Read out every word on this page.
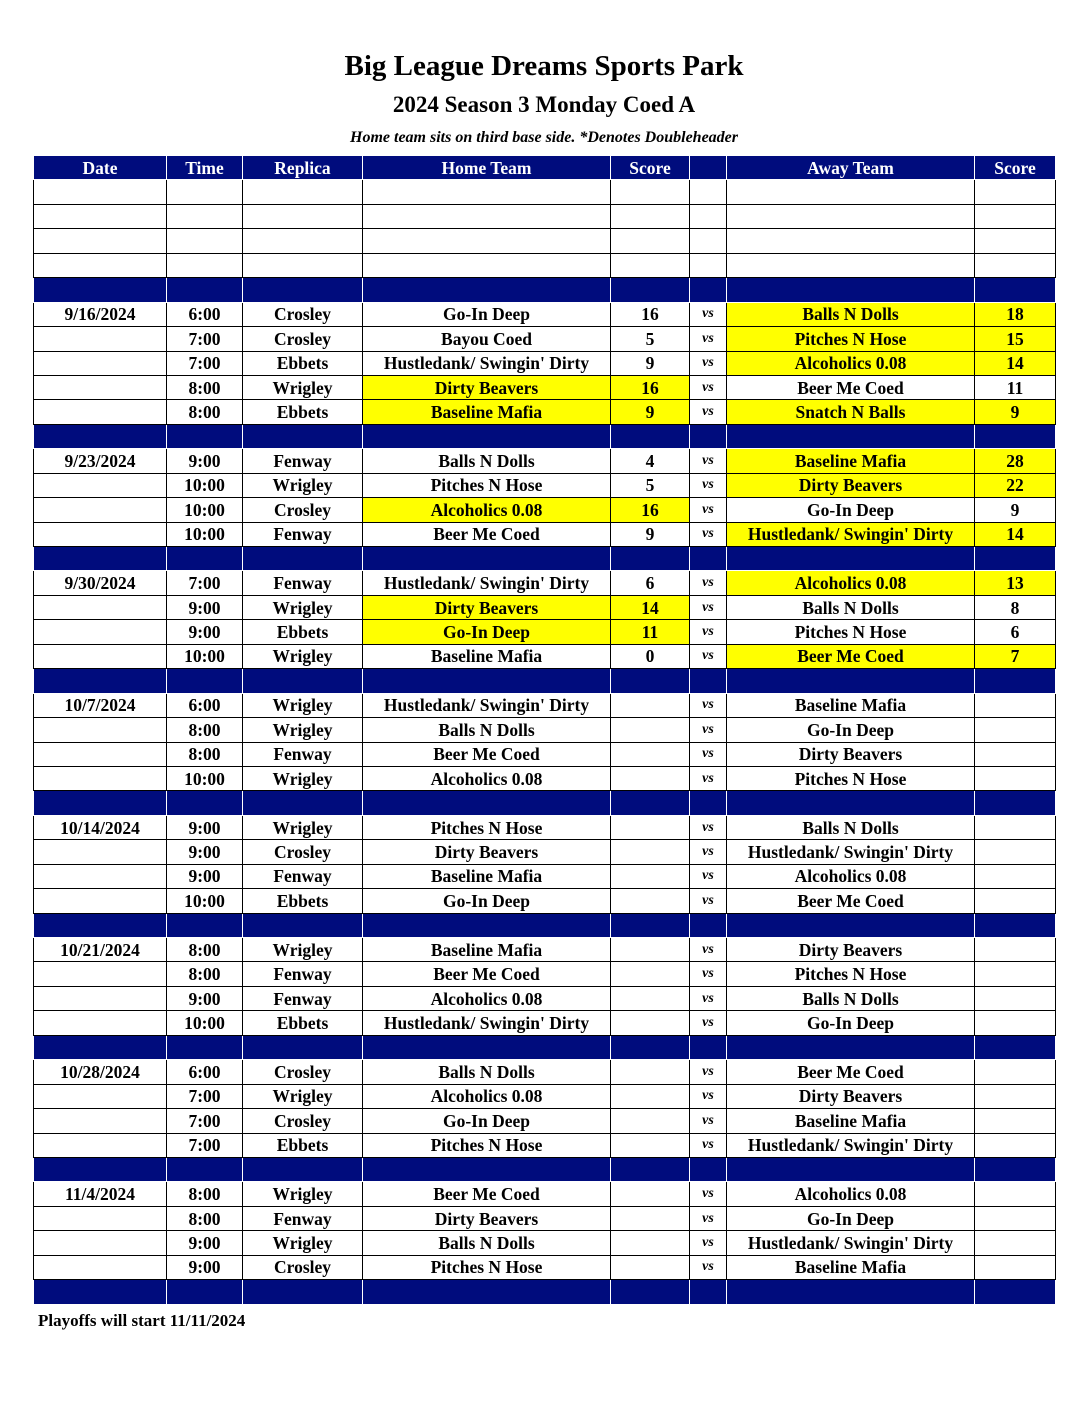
Big League Dreams Sports Park
2024 Season 3 Monday Coed A
Home team sits on third base side. *Denotes Doubleheader
Date	Time	Replica	Home Team	Score		Away Team	Score

9/16/2024	6:00	Crosley	Go-In Deep	16	vs	Balls N Dolls	18
	7:00	Crosley	Bayou Coed	5	vs	Pitches N Hose	15
	7:00	Ebbets	Hustledank/ Swingin' Dirty	9	vs	Alcoholics 0.08	14
	8:00	Wrigley	Dirty Beavers	16	vs	Beer Me Coed	11
	8:00	Ebbets	Baseline Mafia	9	vs	Snatch N Balls	9

9/23/2024	9:00	Fenway	Balls N Dolls	4	vs	Baseline Mafia	28
	10:00	Wrigley	Pitches N Hose	5	vs	Dirty Beavers	22
	10:00	Crosley	Alcoholics 0.08	16	vs	Go-In Deep	9
	10:00	Fenway	Beer Me Coed	9	vs	Hustledank/ Swingin' Dirty	14

9/30/2024	7:00	Fenway	Hustledank/ Swingin' Dirty	6	vs	Alcoholics 0.08	13
	9:00	Wrigley	Dirty Beavers	14	vs	Balls N Dolls	8
	9:00	Ebbets	Go-In Deep	11	vs	Pitches N Hose	6
	10:00	Wrigley	Baseline Mafia	0	vs	Beer Me Coed	7

10/7/2024	6:00	Wrigley	Hustledank/ Swingin' Dirty		vs	Baseline Mafia	
	8:00	Wrigley	Balls N Dolls		vs	Go-In Deep	
	8:00	Fenway	Beer Me Coed		vs	Dirty Beavers	
	10:00	Wrigley	Alcoholics 0.08		vs	Pitches N Hose	

10/14/2024	9:00	Wrigley	Pitches N Hose		vs	Balls N Dolls	
	9:00	Crosley	Dirty Beavers		vs	Hustledank/ Swingin' Dirty	
	9:00	Fenway	Baseline Mafia		vs	Alcoholics 0.08	
	10:00	Ebbets	Go-In Deep		vs	Beer Me Coed	

10/21/2024	8:00	Wrigley	Baseline Mafia		vs	Dirty Beavers	
	8:00	Fenway	Beer Me Coed		vs	Pitches N Hose	
	9:00	Fenway	Alcoholics 0.08		vs	Balls N Dolls	
	10:00	Ebbets	Hustledank/ Swingin' Dirty		vs	Go-In Deep	

10/28/2024	6:00	Crosley	Balls N Dolls		vs	Beer Me Coed	
	7:00	Wrigley	Alcoholics 0.08		vs	Dirty Beavers	
	7:00	Crosley	Go-In Deep		vs	Baseline Mafia	
	7:00	Ebbets	Pitches N Hose		vs	Hustledank/ Swingin' Dirty	

11/4/2024	8:00	Wrigley	Beer Me Coed		vs	Alcoholics 0.08	
	8:00	Fenway	Dirty Beavers		vs	Go-In Deep	
	9:00	Wrigley	Balls N Dolls		vs	Hustledank/ Swingin' Dirty	
	9:00	Crosley	Pitches N Hose		vs	Baseline Mafia	

Playoffs will start 11/11/2024
